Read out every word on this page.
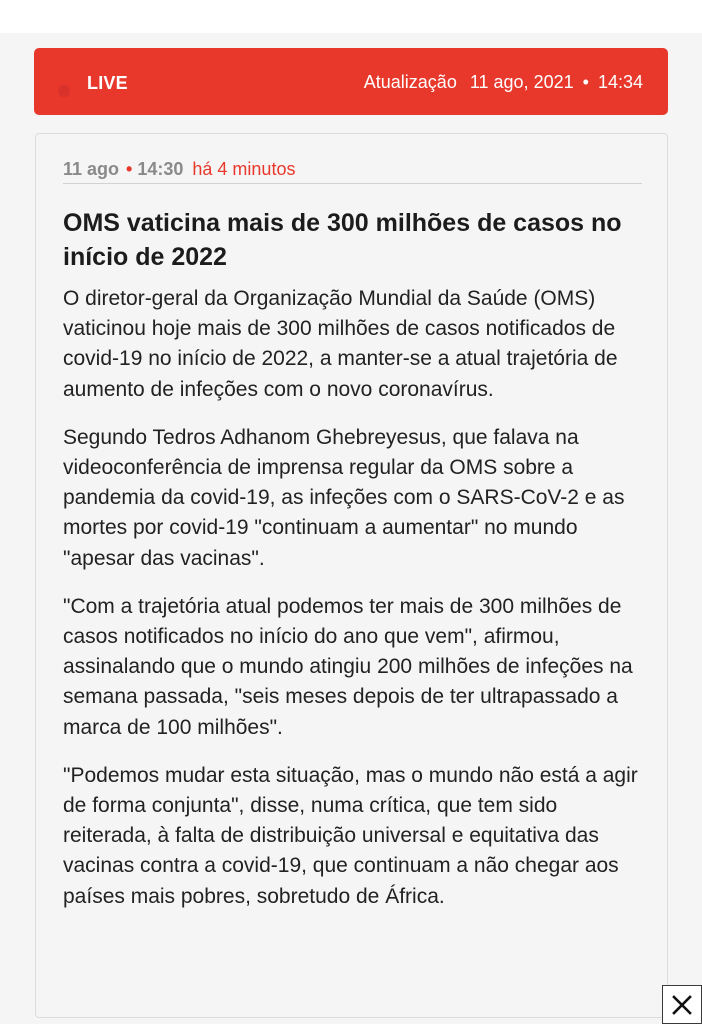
LIVE	Atualização 11 ago, 2021 • 14:34
11 ago • 14:30 há 4 minutos
OMS vaticina mais de 300 milhões de casos no início de 2022

O diretor-geral da Organização Mundial da Saúde (OMS) vaticinou hoje mais de 300 milhões de casos notificados de covid-19 no início de 2022, a manter-se a atual trajetória de aumento de infeções com o novo coronavírus.

Segundo Tedros Adhanom Ghebreyesus, que falava na videoconferência de imprensa regular da OMS sobre a pandemia da covid-19, as infeções com o SARS-CoV-2 e as mortes por covid-19 "continuam a aumentar" no mundo "apesar das vacinas".

"Com a trajetória atual podemos ter mais de 300 milhões de casos notificados no início do ano que vem", afirmou, assinalando que o mundo atingiu 200 milhões de infeções na semana passada, "seis meses depois de ter ultrapassado a marca de 100 milhões".

"Podemos mudar esta situação, mas o mundo não está a agir de forma conjunta", disse, numa crítica, que tem sido reiterada, à falta de distribuição universal e equitativa das vacinas contra a covid-19, que continuam a não chegar aos países mais pobres, sobretudo de África.
